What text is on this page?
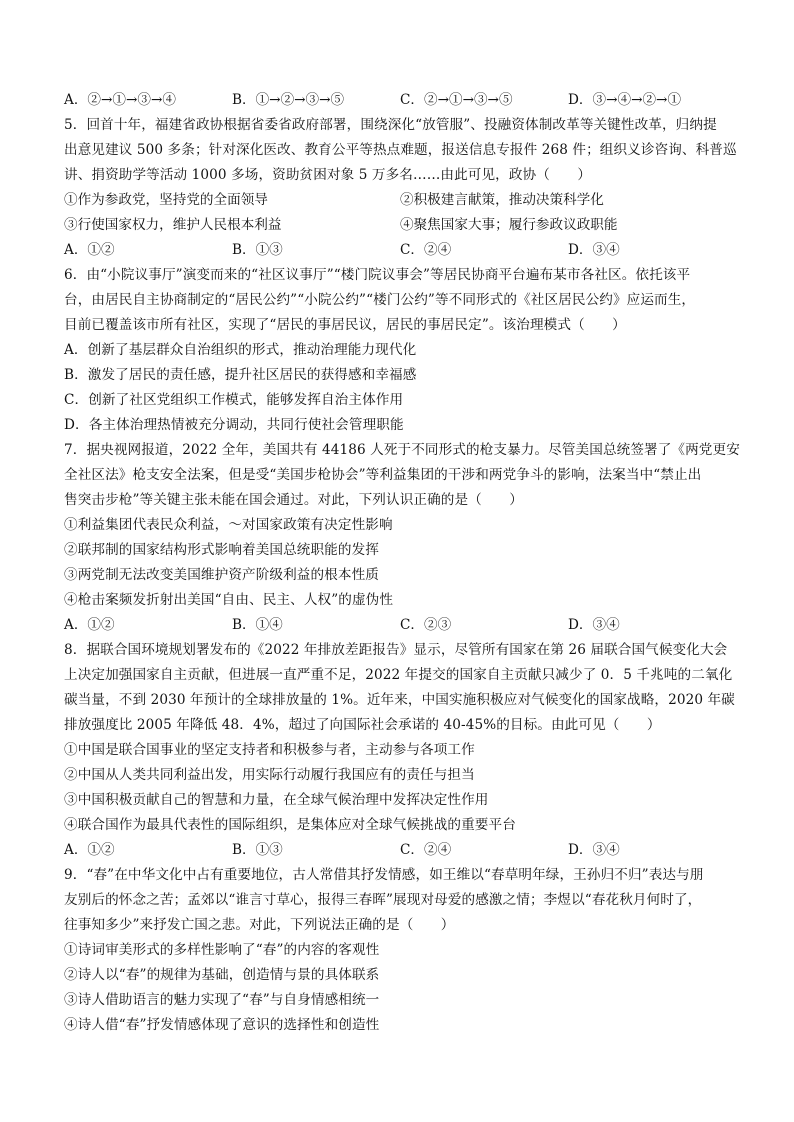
A．②→①→③→④	B．①→②→③→⑤	C．②→①→③→⑤	D．③→④→②→①
5．回首十年，福建省政协根据省委省政府部署，围绕深化“放管服”、投融资体制改革等关键性改革，归纳提
出意见建议 500 多条；针对深化医改、教育公平等热点难题，报送信息专报件 268 件；组织义诊咨询、科普巡
讲、捐资助学等活动 1000 多场，资助贫困对象 5 万多名……由此可见，政协（　　）
①作为参政党，坚持党的全面领导	②积极建言献策，推动决策科学化
③行使国家权力，维护人民根本利益	④聚焦国家大事；履行参政议政职能
A．①②	B．①③	C．②④	D．③④
6．由“小院议事厅”演变而来的“社区议事厅”“楼门院议事会”等居民协商平台遍布某市各社区。依托该平
台，由居民自主协商制定的“居民公约”“小院公约”“楼门公约”等不同形式的《社区居民公约》应运而生，
目前已覆盖该市所有社区，实现了“居民的事居民议，居民的事居民定”。该治理模式（　　）
A．创新了基层群众自治组织的形式，推动治理能力现代化
B．激发了居民的责任感，提升社区居民的获得感和幸福感
C．创新了社区党组织工作模式，能够发挥自治主体作用
D．各主体治理热情被充分调动，共同行使社会管理职能
7．据央视网报道，2022 全年，美国共有 44186 人死于不同形式的枪支暴力。尽管美国总统签署了《两党更安
全社区法》枪支安全法案，但是受“美国步枪协会”等利益集团的干涉和两党争斗的影响，法案当中“禁止出
售突击步枪”等关键主张未能在国会通过。对此，下列认识正确的是（　　）
①利益集团代表民众利益，～对国家政策有决定性影响
②联邦制的国家结构形式影响着美国总统职能的发挥
③两党制无法改变美国维护资产阶级利益的根本性质
④枪击案频发折射出美国“自由、民主、人权”的虚伪性
A．①②	B．①④	C．②③	D．③④
8．据联合国环境规划署发布的《2022 年排放差距报告》显示，尽管所有国家在第 26 届联合国气候变化大会
上决定加强国家自主贡献，但进展一直严重不足，2022 年提交的国家自主贡献只减少了 0．5 千兆吨的二氧化
碳当量，不到 2030 年预计的全球排放量的 1%。近年来，中国实施积极应对气候变化的国家战略，2020 年碳
排放强度比 2005 年降低 48．4%，超过了向国际社会承诺的 40-45%的目标。由此可见（　　）
①中国是联合国事业的坚定支持者和积极参与者，主动参与各项工作
②中国从人类共同利益出发，用实际行动履行我国应有的责任与担当
③中国积极贡献自己的智慧和力量，在全球气候治理中发挥决定性作用
④联合国作为最具代表性的国际组织，是集体应对全球气候挑战的重要平台
A．①②	B．①③	C．②④	D．③④
9．“春”在中华文化中占有重要地位，古人常借其抒发情感，如王维以“春草明年绿，王孙归不归”表达与朋
友别后的怀念之苦；孟郊以“谁言寸草心，报得三春晖”展现对母爱的感激之情；李煜以“春花秋月何时了，
往事知多少”来抒发亡国之悲。对此，下列说法正确的是（　　）
①诗词审美形式的多样性影响了“春”的内容的客观性
②诗人以“春”的规律为基础，创造情与景的具体联系
③诗人借助语言的魅力实现了“春”与自身情感相统一
④诗人借“春”抒发情感体现了意识的选择性和创造性
